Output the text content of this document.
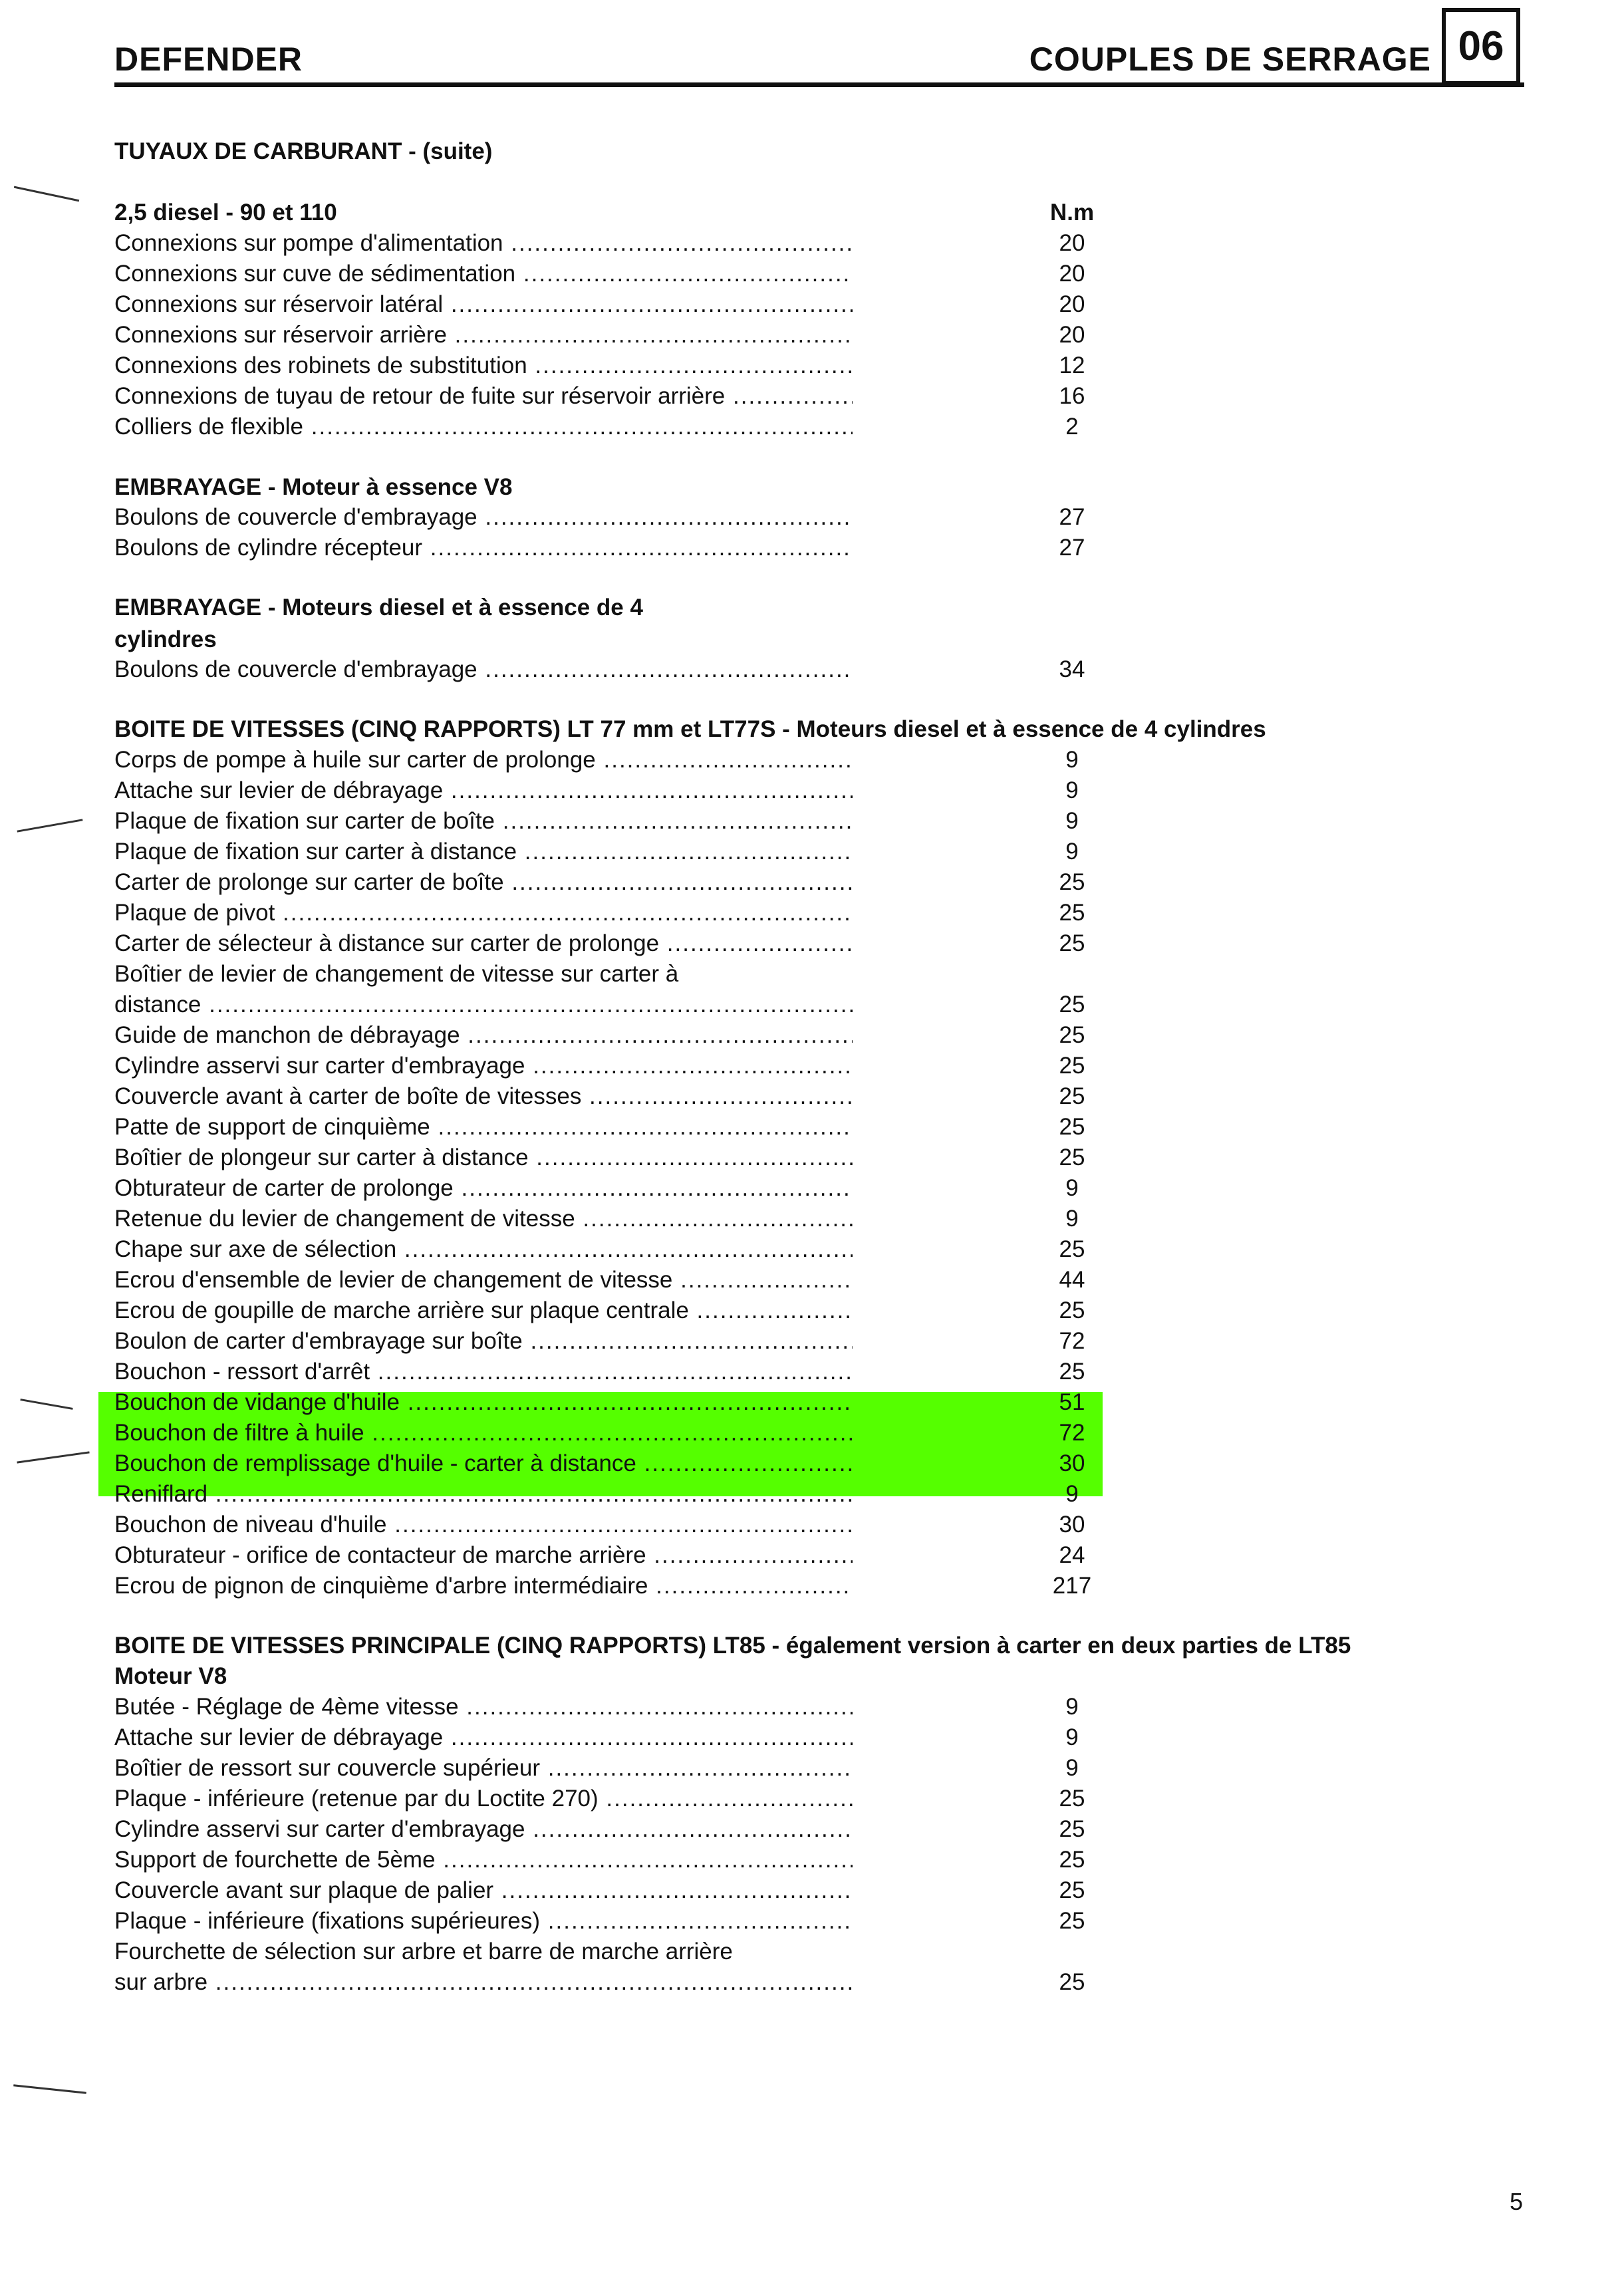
DEFENDER	COUPLES DE SERRAGE 06
TUYAUX DE CARBURANT - (suite)
2,5 diesel - 90 et 110	N.m
Connexions sur pompe d'alimentation .....	20
Connexions sur cuve de sédimentation .....	20
Connexions sur réservoir latéral .....	20
Connexions sur réservoir arrière .....	20
Connexions des robinets de substitution .....	12
Connexions de tuyau de retour de fuite sur réservoir arrière .....	16
Colliers de flexible .....	2
EMBRAYAGE - Moteur à essence V8
Boulons de couvercle d'embrayage .....	27
Boulons de cylindre récepteur .....	27
EMBRAYAGE - Moteurs diesel et à essence de 4
cylindres
Boulons de couvercle d'embrayage .....	34
BOITE DE VITESSES (CINQ RAPPORTS) LT 77 mm et LT77S - Moteurs diesel et à essence de 4 cylindres
Corps de pompe à huile sur carter de prolonge .....	9
Attache sur levier de débrayage .....	9
Plaque de fixation sur carter de boîte .....	9
Plaque de fixation sur carter à distance .....	9
Carter de prolonge sur carter de boîte .....	25
Plaque de pivot .....	25
Carter de sélecteur à distance sur carter de prolonge .....	25
Boîtier de levier de changement de vitesse sur carter à
distance .....	25
Guide de manchon de débrayage .....	25
Cylindre asservi sur carter d'embrayage .....	25
Couvercle avant à carter de boîte de vitesses .....	25
Patte de support de cinquième .....	25
Boîtier de plongeur sur carter à distance .....	25
Obturateur de carter de prolonge .....	9
Retenue du levier de changement de vitesse .....	9
Chape sur axe de sélection .....	25
Ecrou d'ensemble de levier de changement de vitesse .....	44
Ecrou de goupille de marche arrière sur plaque centrale .....	25
Boulon de carter d'embrayage sur boîte .....	72
Bouchon - ressort d'arrêt .....	25
Bouchon de vidange d'huile .....	51
Bouchon de filtre à huile .....	72
Bouchon de remplissage d'huile - carter à distance .....	30
Reniflard .....	9
Bouchon de niveau d'huile .....	30
Obturateur - orifice de contacteur de marche arrière .....	24
Ecrou de pignon de cinquième d'arbre intermédiaire .....	217
BOITE DE VITESSES PRINCIPALE (CINQ RAPPORTS) LT85 - également version à carter en deux parties de LT85
Moteur V8
Butée - Réglage de 4ème vitesse .....	9
Attache sur levier de débrayage .....	9
Boîtier de ressort sur couvercle supérieur .....	9
Plaque - inférieure (retenue par du Loctite 270) .....	25
Cylindre asservi sur carter d'embrayage .....	25
Support de fourchette de 5ème .....	25
Couvercle avant sur plaque de palier .....	25
Plaque - inférieure (fixations supérieures) .....	25
Fourchette de sélection sur arbre et barre de marche arrière
sur arbre .....	25
5
